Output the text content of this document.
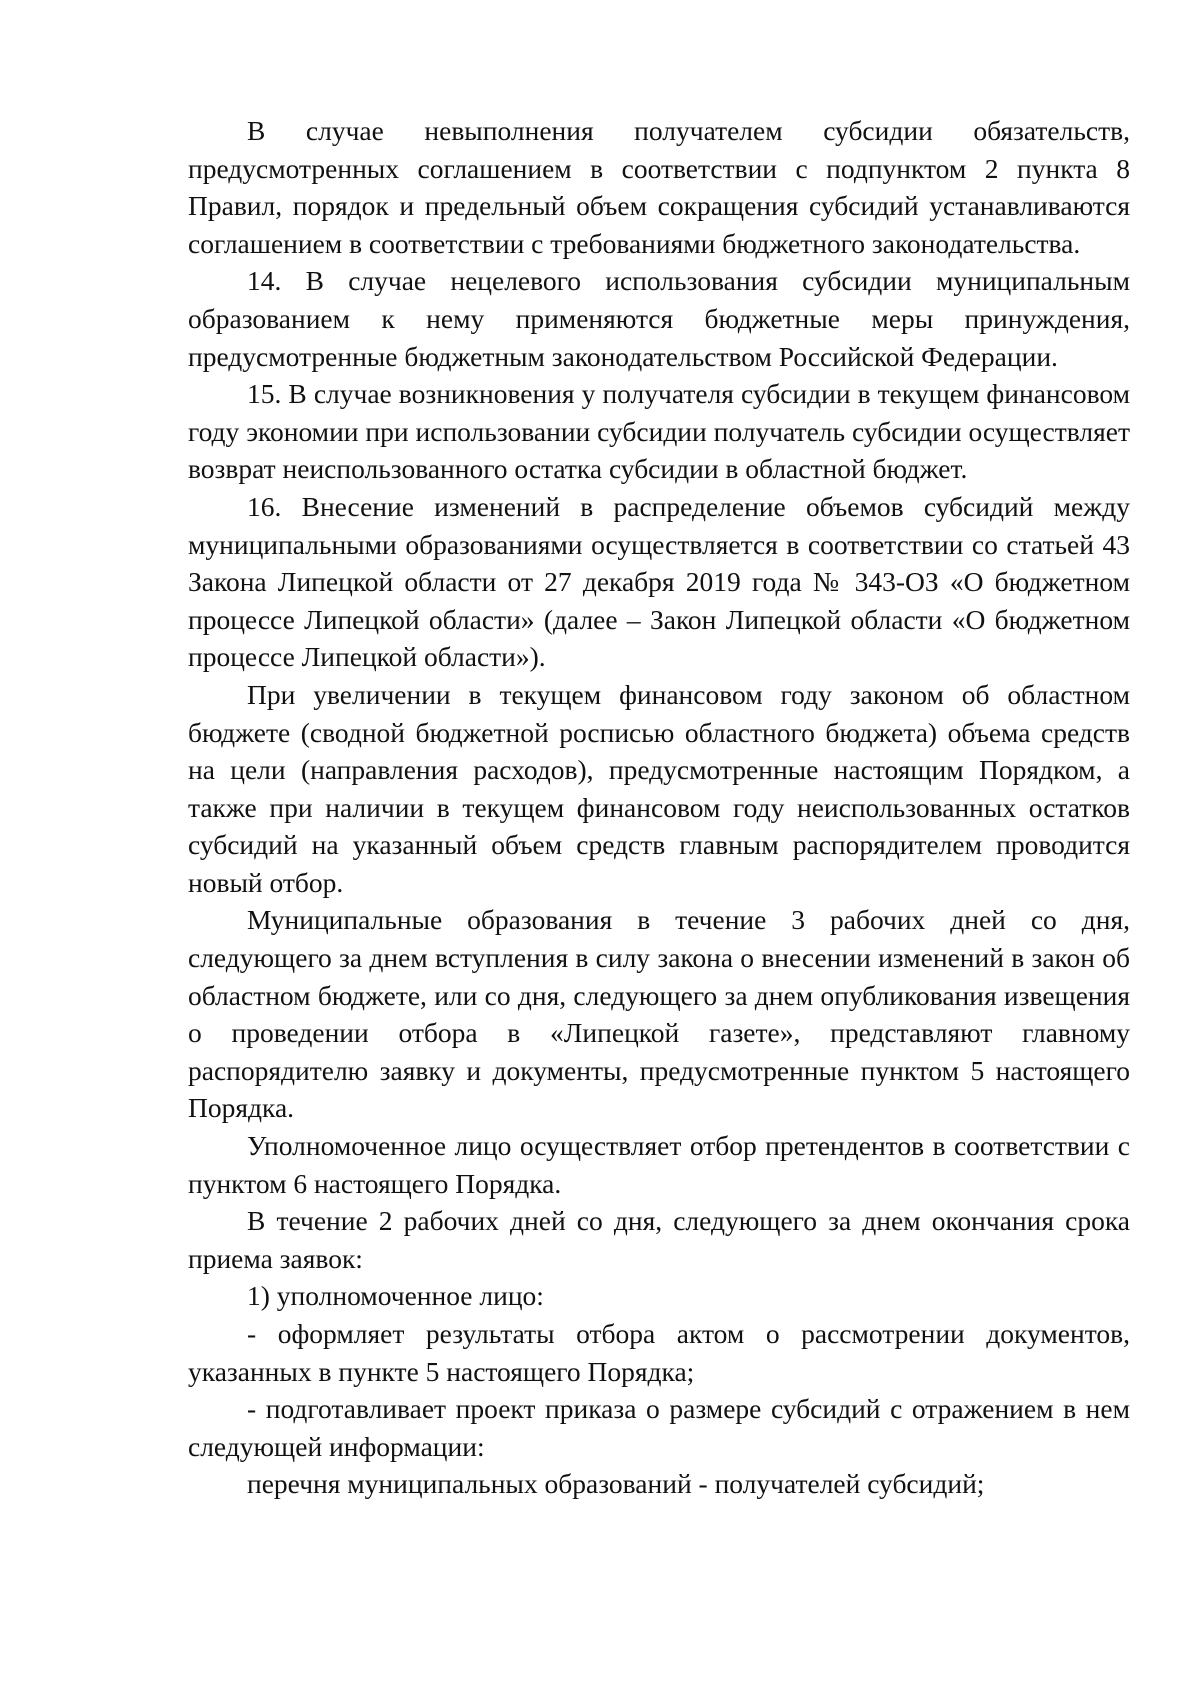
В случае невыполнения получателем субсидии обязательств, предусмотренных соглашением в соответствии с подпунктом 2 пункта 8 Правил, порядок и предельный объем сокращения субсидий устанавливаются соглашением в соответствии с требованиями бюджетного законодательства.

14. В случае нецелевого использования субсидии муниципальным образованием к нему применяются бюджетные меры принуждения, предусмотренные бюджетным законодательством Российской Федерации.

15. В случае возникновения у получателя субсидии в текущем финансовом году экономии при использовании субсидии получатель субсидии осуществляет возврат неиспользованного остатка субсидии в областной бюджет.

16. Внесение изменений в распределение объемов субсидий между муниципальными образованиями осуществляется в соответствии со статьей 43 Закона Липецкой области от 27 декабря 2019 года № 343-ОЗ «О бюджетном процессе Липецкой области» (далее – Закон Липецкой области «О бюджетном процессе Липецкой области»).

При увеличении в текущем финансовом году законом об областном бюджете (сводной бюджетной росписью областного бюджета) объема средств на цели (направления расходов), предусмотренные настоящим Порядком, а также при наличии в текущем финансовом году неиспользованных остатков субсидий на указанный объем средств главным распорядителем проводится новый отбор.

Муниципальные образования в течение 3 рабочих дней со дня, следующего за днем вступления в силу закона о внесении изменений в закон об областном бюджете, или со дня, следующего за днем опубликования извещения о проведении отбора в «Липецкой газете», представляют главному распорядителю заявку и документы, предусмотренные пунктом 5 настоящего Порядка.

Уполномоченное лицо осуществляет отбор претендентов в соответствии с пунктом 6 настоящего Порядка.

В течение 2 рабочих дней со дня, следующего за днем окончания срока приема заявок:

1) уполномоченное лицо:

- оформляет результаты отбора актом о рассмотрении документов, указанных в пункте 5 настоящего Порядка;

- подготавливает проект приказа о размере субсидий с отражением в нем следующей информации:

перечня муниципальных образований - получателей субсидий;
